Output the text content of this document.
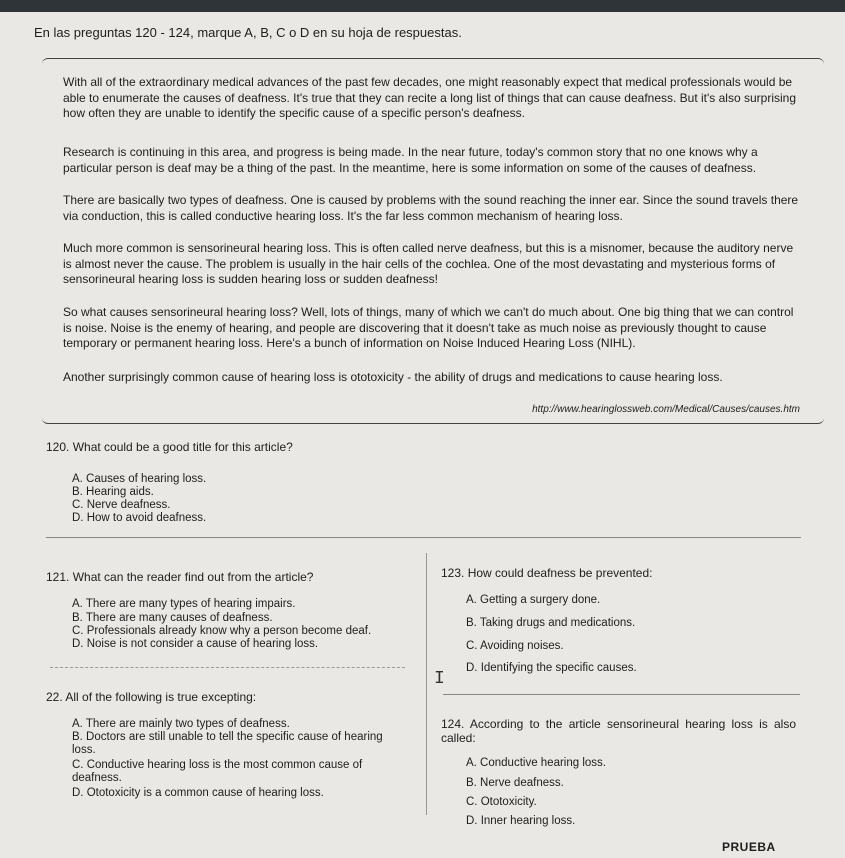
En las preguntas 120 - 124, marque A, B, C o D en su hoja de respuestas.

With all of the extraordinary medical advances of the past few decades, one might reasonably expect that medical professionals would be able to enumerate the causes of deafness. It's true that they can recite a long list of things that can cause deafness. But it's also surprising how often they are unable to identify the specific cause of a specific person's deafness.

Research is continuing in this area, and progress is being made. In the near future, today's common story that no one knows why a particular person is deaf may be a thing of the past. In the meantime, here is some information on some of the causes of deafness.

There are basically two types of deafness. One is caused by problems with the sound reaching the inner ear. Since the sound travels there via conduction, this is called conductive hearing loss. It's the far less common mechanism of hearing loss.

Much more common is sensorineural hearing loss. This is often called nerve deafness, but this is a misnomer, because the auditory nerve is almost never the cause. The problem is usually in the hair cells of the cochlea. One of the most devastating and mysterious forms of sensorineural hearing loss is sudden hearing loss or sudden deafness!

So what causes sensorineural hearing loss? Well, lots of things, many of which we can't do much about. One big thing that we can control is noise. Noise is the enemy of hearing, and people are discovering that it doesn't take as much noise as previously thought to cause temporary or permanent hearing loss. Here's a bunch of information on Noise Induced Hearing Loss (NIHL).

Another surprisingly common cause of hearing loss is ototoxicity - the ability of drugs and medications to cause hearing loss.

http://www.hearinglossweb.com/Medical/Causes/causes.htm
120. What could be a good title for this article?

A. Causes of hearing loss.

B. Hearing aids.

C. Nerve deafness.

D. How to avoid deafness.

121. What can the reader find out from the article?

A. There are many types of hearing impairs.

B. There are many causes of deafness.

C. Professionals already know why a person become deaf.

D. Noise is not consider a cause of hearing loss.

22. All of the following is true excepting:

A. There are mainly two types of deafness.

B. Doctors are still unable to tell the specific cause of hearing loss.

C. Conductive hearing loss is the most common cause of deafness.

D. Ototoxicity is a common cause of hearing loss.

123. How could deafness be prevented:

A. Getting a surgery done.

B. Taking drugs and medications.

C. Avoiding noises.

D. Identifying the specific causes.

I

124. According to the article sensorineural hearing loss is also called:

A. Conductive hearing loss.

B. Nerve deafness.

C. Ototoxicity.

D. Inner hearing loss.

PRUEBA
